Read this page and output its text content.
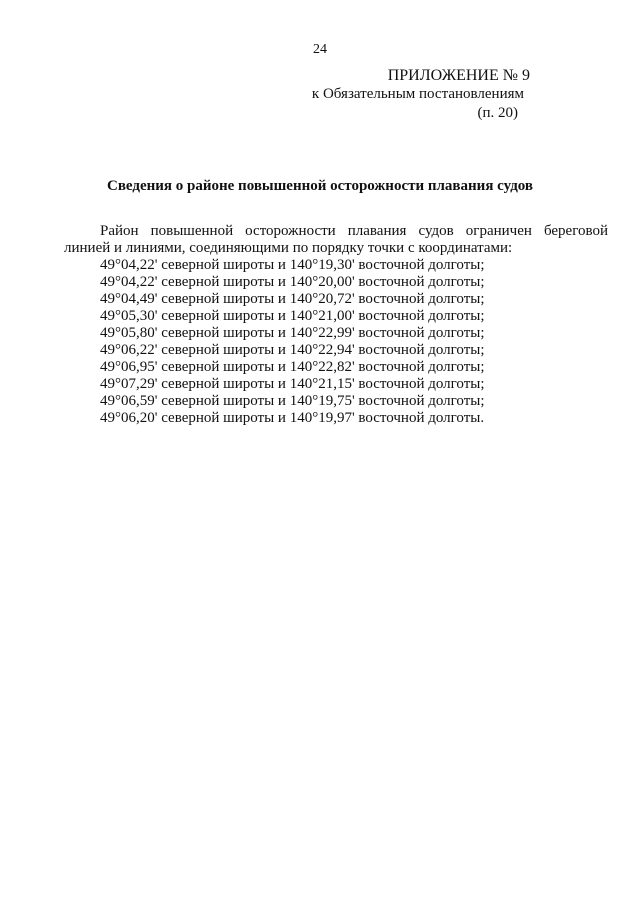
24
ПРИЛОЖЕНИЕ № 9
к Обязательным постановлениям
(п. 20)
Сведения о районе повышенной осторожности плавания судов

Район повышенной осторожности плавания судов ограничен береговой линией и линиями, соединяющими по порядку точки с координатами:

49°04,22' северной широты и 140°19,30' восточной долготы;
49°04,22' северной широты и 140°20,00' восточной долготы;
49°04,49' северной широты и 140°20,72' восточной долготы;
49°05,30' северной широты и 140°21,00' восточной долготы;
49°05,80' северной широты и 140°22,99' восточной долготы;
49°06,22' северной широты и 140°22,94' восточной долготы;
49°06,95' северной широты и 140°22,82' восточной долготы;
49°07,29' северной широты и 140°21,15' восточной долготы;
49°06,59' северной широты и 140°19,75' восточной долготы;
49°06,20' северной широты и 140°19,97' восточной долготы.
